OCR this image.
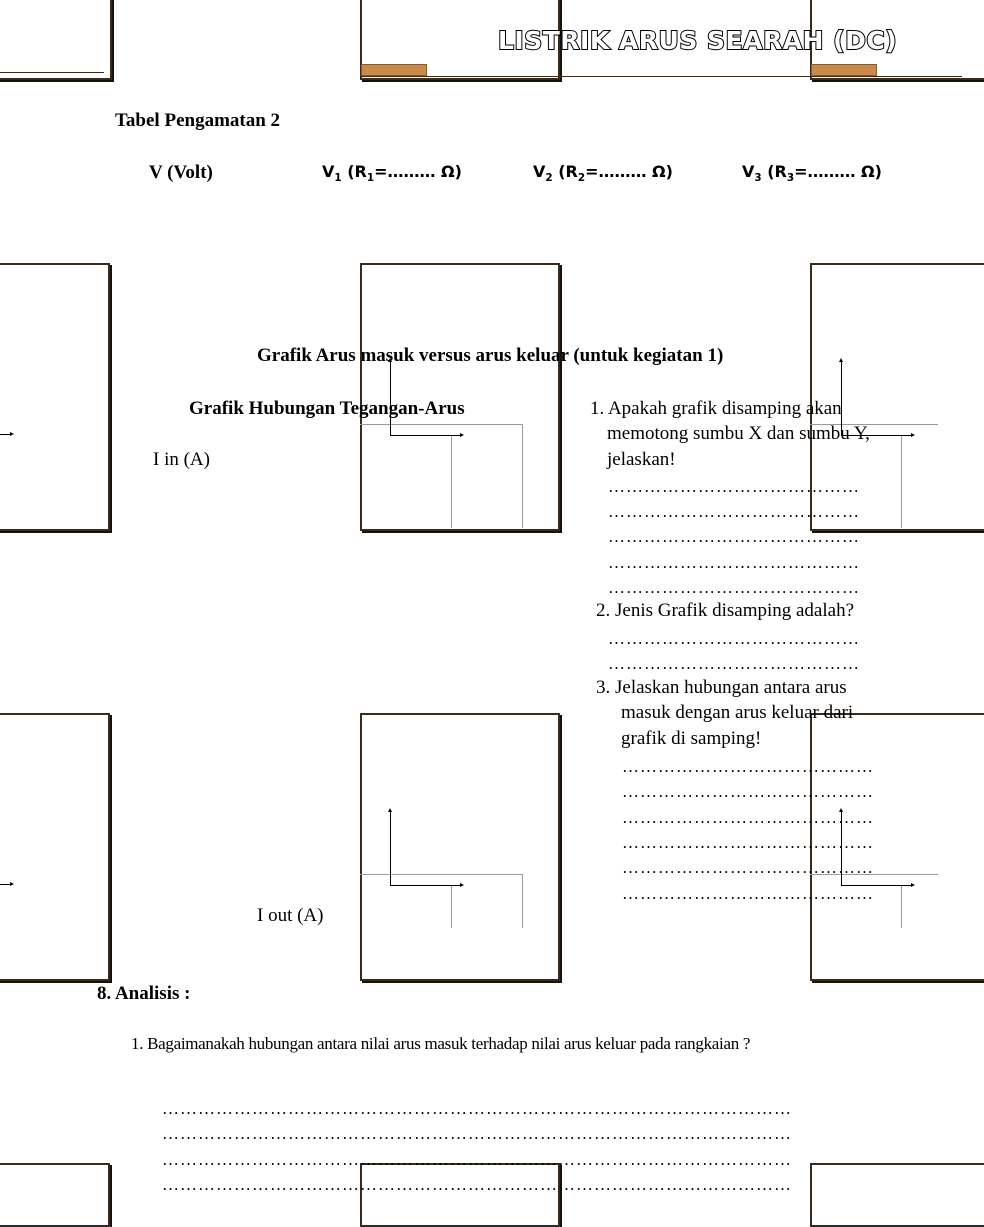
LISTRIK ARUS SEARAH (DC)
Tabel Pengamatan 2
V (Volt)	$V_1$ ($R_1=\dots\dots\dots$ Ω)	$V_2$ ($R_2=\dots\dots\dots$ Ω)	$V_3$ ($R_3=\dots\dots\dots$ Ω)
Grafik Arus masuk versus arus keluar (untuk kegiatan 1)
Grafik Hubungan Tegangan-Arus
I in (A)
I out (A)
1. Apakah grafik disamping akan
memotong sumbu X dan sumbu Y,
jelaskan!
……………………………………
……………………………………
……………………………………
……………………………………
……………………………………
2. Jenis Grafik disamping adalah?
……………………………………
……………………………………
3. Jelaskan hubungan antara arus
masuk dengan arus keluar dari
grafik di samping!
……………………………………
……………………………………
……………………………………
……………………………………
……………………………………
……………………………………
8. Analisis :
1. Bagaimanakah hubungan antara nilai arus masuk terhadap nilai arus keluar pada rangkaian ?
……………………………………………………………………………………………
……………………………………………………………………………………………
……………………………………………………………………………………………
……………………………………………………………………………………………
